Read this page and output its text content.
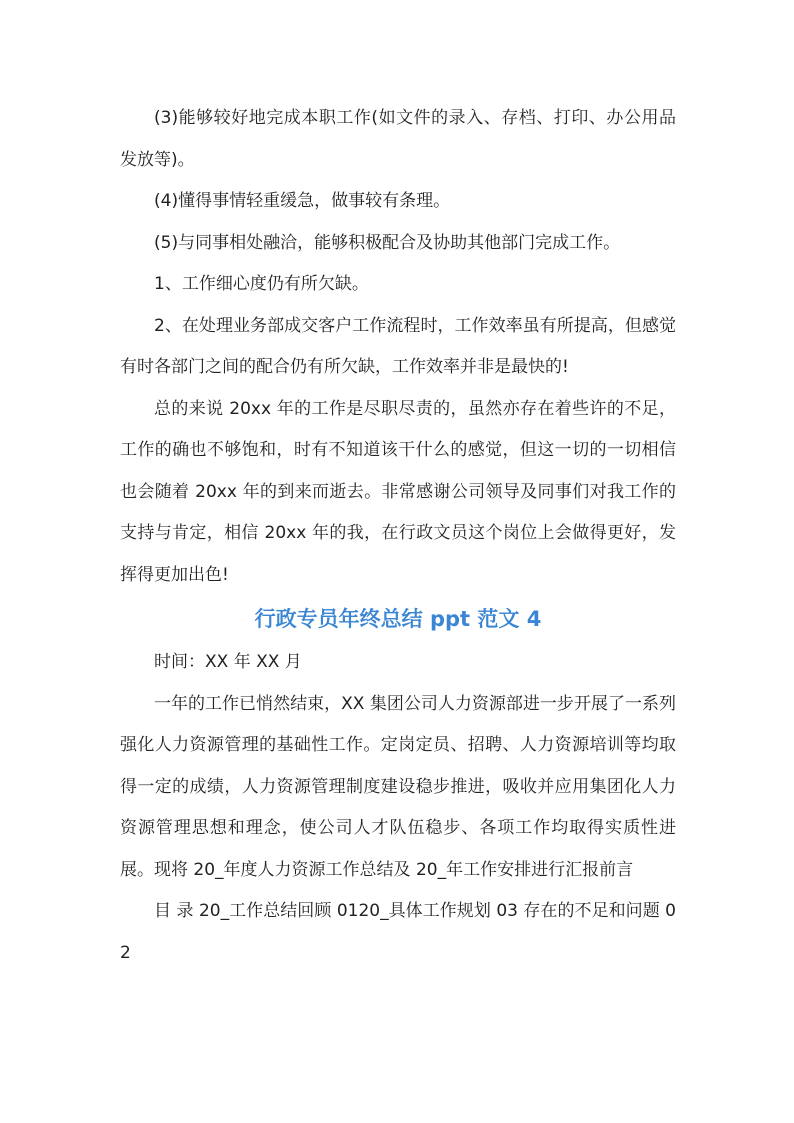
(3)能够较好地完成本职工作(如文件的录入、存档、打印、办公用品发放等)。

(4)懂得事情轻重缓急，做事较有条理。

(5)与同事相处融洽，能够积极配合及协助其他部门完成工作。

1、工作细心度仍有所欠缺。

2、在处理业务部成交客户工作流程时，工作效率虽有所提高，但感觉有时各部门之间的配合仍有所欠缺，工作效率并非是最快的!

总的来说 20xx 年的工作是尽职尽责的，虽然亦存在着些许的不足，工作的确也不够饱和，时有不知道该干什么的感觉，但这一切的一切相信也会随着 20xx 年的到来而逝去。非常感谢公司领导及同事们对我工作的支持与肯定，相信 20xx 年的我，在行政文员这个岗位上会做得更好，发挥得更加出色!

行政专员年终总结 ppt 范文 4

时间：XX 年 XX 月

一年的工作已悄然结束，XX 集团公司人力资源部进一步开展了一系列强化人力资源管理的基础性工作。定岗定员、招聘、人力资源培训等均取得一定的成绩，人力资源管理制度建设稳步推进，吸收并应用集团化人力资源管理思想和理念，使公司人才队伍稳步、各项工作均取得实质性进展。现将 20_年度人力资源工作总结及 20_年工作安排进行汇报前言

目 录 20_工作总结回顾 0120_具体工作规划 03 存在的不足和问题 02
